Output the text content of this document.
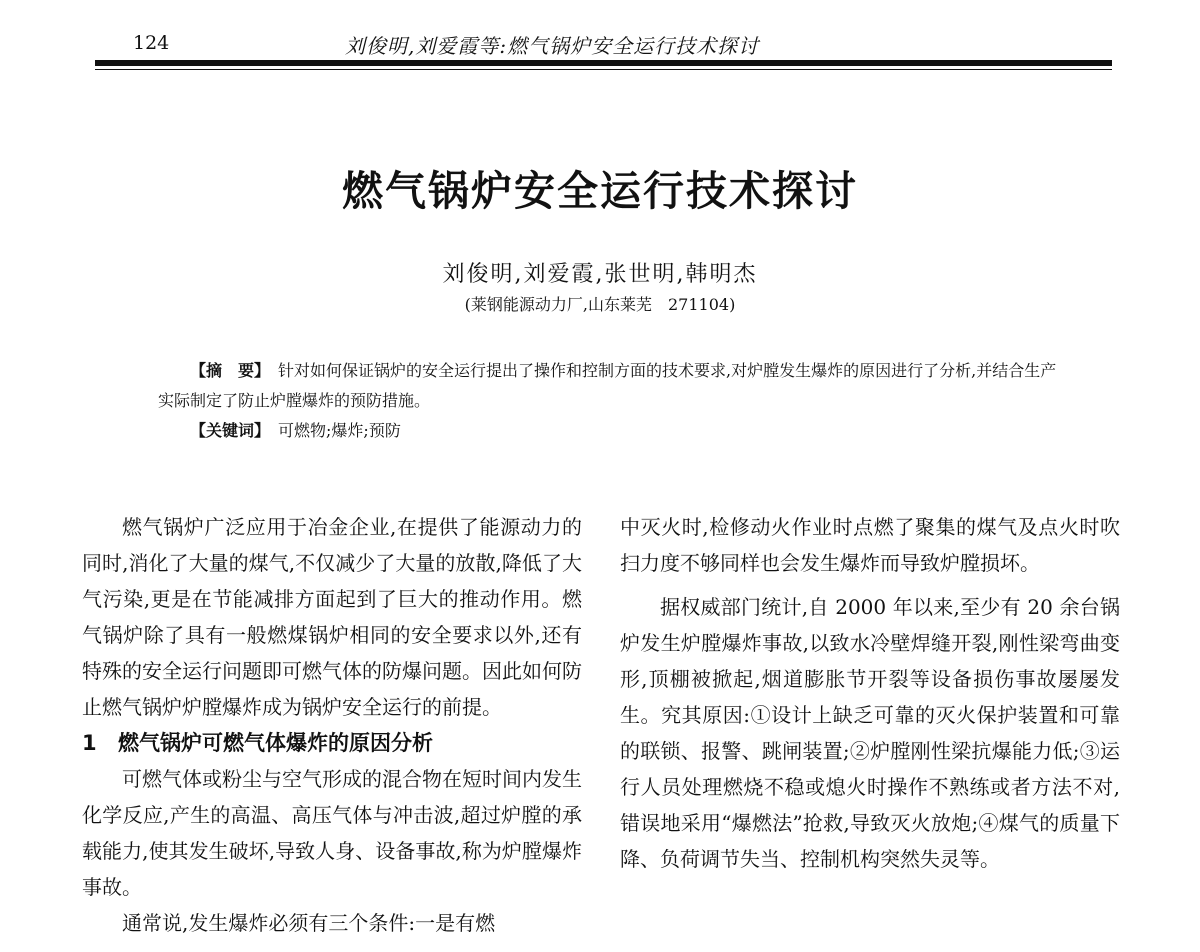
124	刘俊明,刘爱霞等:燃气锅炉安全运行技术探讨
燃气锅炉安全运行技术探讨
刘俊明,刘爱霞,张世明,韩明杰
(莱钢能源动力厂,山东莱芜　271104)
【摘　要】　 针对如何保证锅炉的安全运行提出了操作和控制方面的技术要求,对炉膛发生爆炸的原因进行了分析,并结合生产实际制定了防止炉膛爆炸的预防措施。
【关键词】　 可燃物;爆炸;预防

燃气锅炉广泛应用于冶金企业,在提供了能源动力的同时,消化了大量的煤气,不仅减少了大量的放散,降低了大气污染,更是在节能减排方面起到了巨大的推动作用。燃气锅炉除了具有一般燃煤锅炉相同的安全要求以外,还有特殊的安全运行问题即可燃气体的防爆问题。因此如何防止燃气锅炉炉膛爆炸成为锅炉安全运行的前提。

1 燃气锅炉可燃气体爆炸的原因分析

可燃气体或粉尘与空气形成的混合物在短时间内发生化学反应,产生的高温、高压气体与冲击波,超过炉膛的承载能力,使其发生破坏,导致人身、设备事故,称为炉膛爆炸事故。

通常说,发生爆炸必须有三个条件:一是有燃

中灭火时,检修动火作业时点燃了聚集的煤气及点火时吹扫力度不够同样也会发生爆炸而导致炉膛损坏。

据权威部门统计,自 2000 年以来,至少有 20 余台锅炉发生炉膛爆炸事故,以致水冷壁焊缝开裂,刚性梁弯曲变形,顶棚被掀起,烟道膨胀节开裂等设备损伤事故屡屡发生。究其原因:①设计上缺乏可靠的灭火保护装置和可靠的联锁、报警、跳闸装置;②炉膛刚性梁抗爆能力低;③运行人员处理燃烧不稳或熄火时操作不熟练或者方法不对,错误地采用“爆燃法”抢救,导致灭火放炮;④煤气的质量下降、负荷调节失当、控制机构突然失灵等。
